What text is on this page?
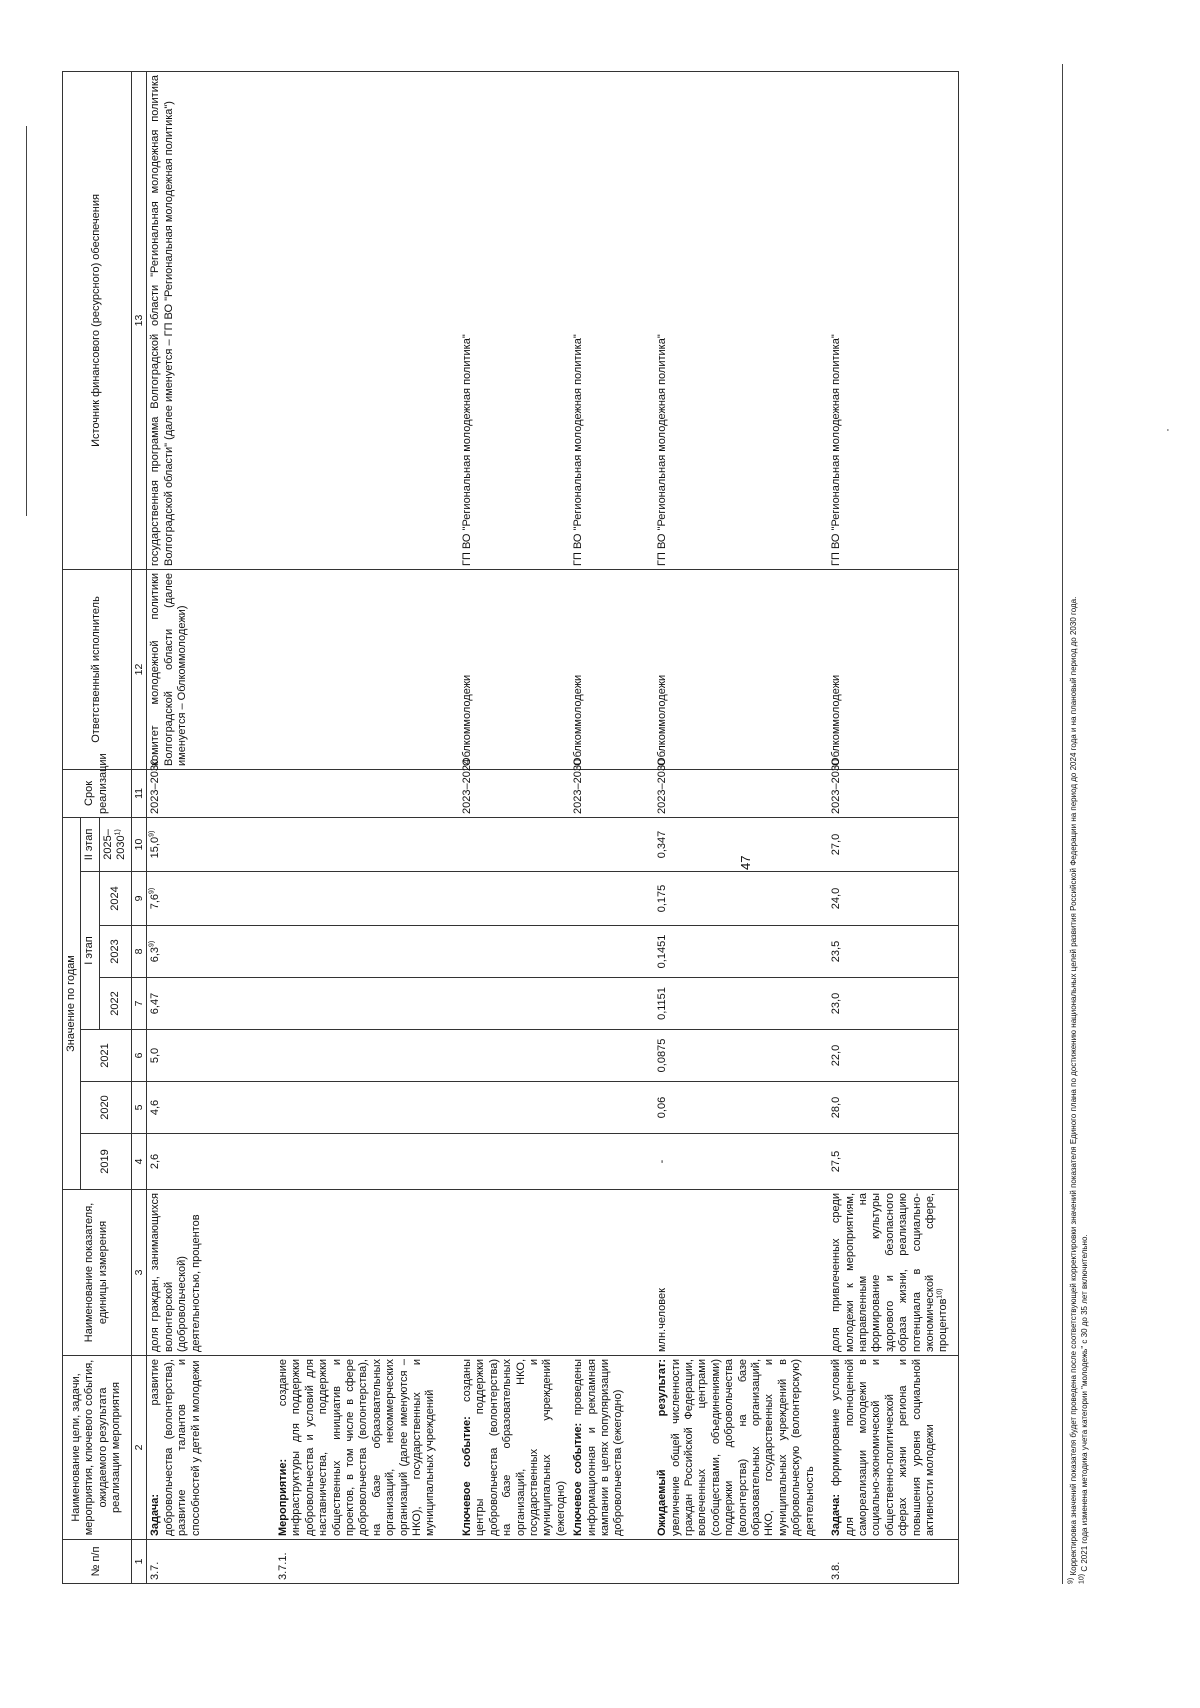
47
·
№ п/п	Наименование цели, задачи, мероприятия, ключевого события, ожидаемого результата реализации мероприятия	Наименование показателя, единицы измерения	Значение по годам							Срок реализации	Ответственный исполнитель	Источник финансового (ресурсного) обеспечения
			2019	2020	2021	I этап			II этап			
						2022	2023	2024	2025–2030$^{1)}$
1	2	3	4	5	6	7	8	9	10	11	12	13
3.7.	Задача: развитие добровольчества (волонтерства), развитие талантов и способностей у детей и молодежи	доля граждан, занимающихся волонтерской (добровольческой) деятельностью, процентов	2,6	4,6	5,0	6,47	6,3$^{9)}$	7,6$^{9)}$	15,0$^{9)}$	2023–2030	комитет молодежной политики Волгоградской области (далее именуется – Облкоммолодежи)	государственная программа Волгоградской области "Региональная молодежная политика Волгоградской области" (далее именуется – ГП ВО "Региональная молодежная политика")
3.7.1.	Мероприятие: создание инфраструктуры для поддержки добровольчества и условий для наставничества, поддержки общественных инициатив и проектов, в том числе в сфере добровольчества (волонтерства), на базе образовательных организаций, некоммерческих организаций (далее именуются – НКО), государственных и муниципальных учреждений											
	Ключевое событие: созданы центры поддержки добровольчества (волонтерства) на базе образовательных организаций, НКО, государственных и муниципальных учреждений (ежегодно)									2023–2024	Облкоммолодежи	ГП ВО "Региональная молодежная политика"
	Ключевое событие: проведены информационная и рекламная кампании в целях популяризации добровольчества (ежегодно)									2023–2030	Облкоммолодежи	ГП ВО "Региональная молодежная политика"
	Ожидаемый результат: увеличение общей численности граждан Российской Федерации, вовлеченных центрами (сообществами, объединениями) поддержки добровольчества (волонтерства) на базе образовательных организаций, НКО, государственных и муниципальных учреждений в добровольческую (волонтерскую) деятельность	млн.человек	-	0,06	0,0875	0,1151	0,1451	0,175	0,347	2023–2030	Облкоммолодежи	ГП ВО "Региональная молодежная политика"
3.8.	Задача: формирование условий для полноценной самореализации молодежи в социально-экономической и общественно-политической сферах жизни региона и повышения уровня социальной активности молодежи	доля привлеченных среди молодежи к мероприятиям, направленным на формирование культуры здорового и безопасного образа жизни, реализацию потенциала в социально-экономической сфере, процентов$^{10)}$	27,5	28,0	22,0	23,0	23,5	24,0	27,0	2023–2030	Облкоммолодежи	ГП ВО "Региональная молодежная политика"
$^{9)}$ Корректировка значений показателя будет проведена после соответствующей корректировки значений показателя Единого плана по достижению национальных целей развития Российской Федерации на период до 2024 года и на плановый период до 2030 года.
$^{10)}$ С 2021 года изменена методика учета категории "молодежь" с 30 до 35 лет включительно.
